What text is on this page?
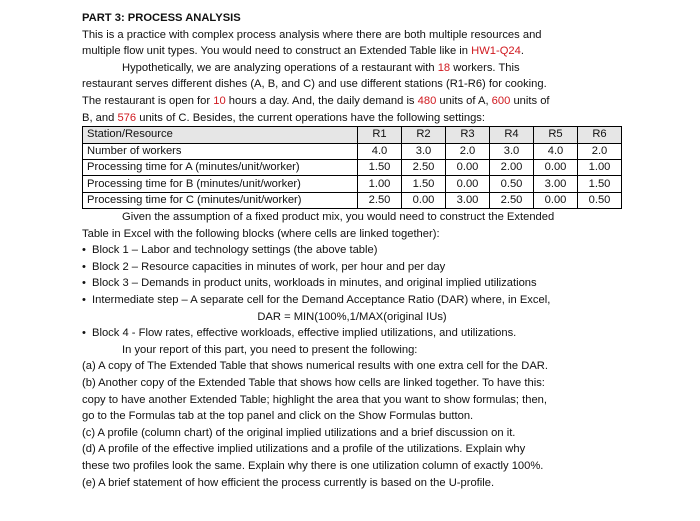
PART 3: PROCESS ANALYSIS
This is a practice with complex process analysis where there are both multiple resources and
multiple flow unit types. You would need to construct an Extended Table like in HW1-Q24.
Hypothetically, we are analyzing operations of a restaurant with 18 workers. This
restaurant serves different dishes (A, B, and C) and use different stations (R1-R6) for cooking.
The restaurant is open for 10 hours a day. And, the daily demand is 480 units of A, 600 units of
B, and 576 units of C. Besides, the current operations have the following settings:
Station/Resource	R1	R2	R3	R4	R5	R6
Number of workers	4.0	3.0	2.0	3.0	4.0	2.0
Processing time for A (minutes/unit/worker)	1.50	2.50	0.00	2.00	0.00	1.00
Processing time for B (minutes/unit/worker)	1.00	1.50	0.00	0.50	3.00	1.50
Processing time for C (minutes/unit/worker)	2.50	0.00	3.00	2.50	0.00	0.50
Given the assumption of a fixed product mix, you would need to construct the Extended
Table in Excel with the following blocks (where cells are linked together):
• Block 1 – Labor and technology settings (the above table)
• Block 2 – Resource capacities in minutes of work, per hour and per day
• Block 3 – Demands in product units, workloads in minutes, and original implied utilizations
• Intermediate step – A separate cell for the Demand Acceptance Ratio (DAR) where, in Excel,
DAR = MIN(100%,1/MAX(original IUs)
• Block 4 - Flow rates, effective workloads, effective implied utilizations, and utilizations.
In your report of this part, you need to present the following:
(a) A copy of The Extended Table that shows numerical results with one extra cell for the DAR.
(b) Another copy of the Extended Table that shows how cells are linked together. To have this:
copy to have another Extended Table; highlight the area that you want to show formulas; then,
go to the Formulas tab at the top panel and click on the Show Formulas button.
(c) A profile (column chart) of the original implied utilizations and a brief discussion on it.
(d) A profile of the effective implied utilizations and a profile of the utilizations. Explain why
these two profiles look the same. Explain why there is one utilization column of exactly 100%.
(e) A brief statement of how efficient the process currently is based on the U-profile.
